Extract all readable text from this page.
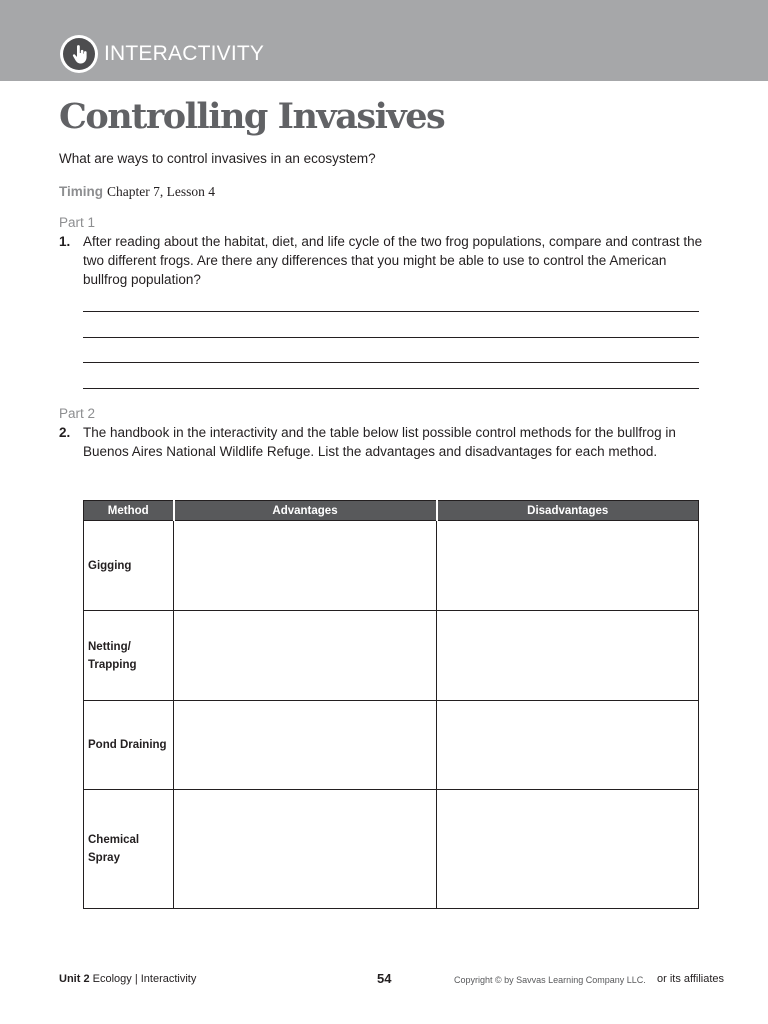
INTERACTIVITY
Controlling Invasives

What are ways to control invasives in an ecosystem?

Timing Chapter 7, Lesson 4
Part 1
1. After reading about the habitat, diet, and life cycle of the two frog populations, compare and contrast the two different frogs. Are there any differences that you might be able to use to control the American bullfrog population?
Part 2
2. The handbook in the interactivity and the table below list possible control methods for the bullfrog in Buenos Aires National Wildlife Refuge. List the advantages and disadvantages for each method.
Method	Advantages	Disadvantages
Gigging		
Netting/ Trapping		
Pond Draining		
Chemical Spray		
Unit 2 Ecology | Interactivity	54	Copyright © by Savvas Learning Company LLC. or its affiliates
